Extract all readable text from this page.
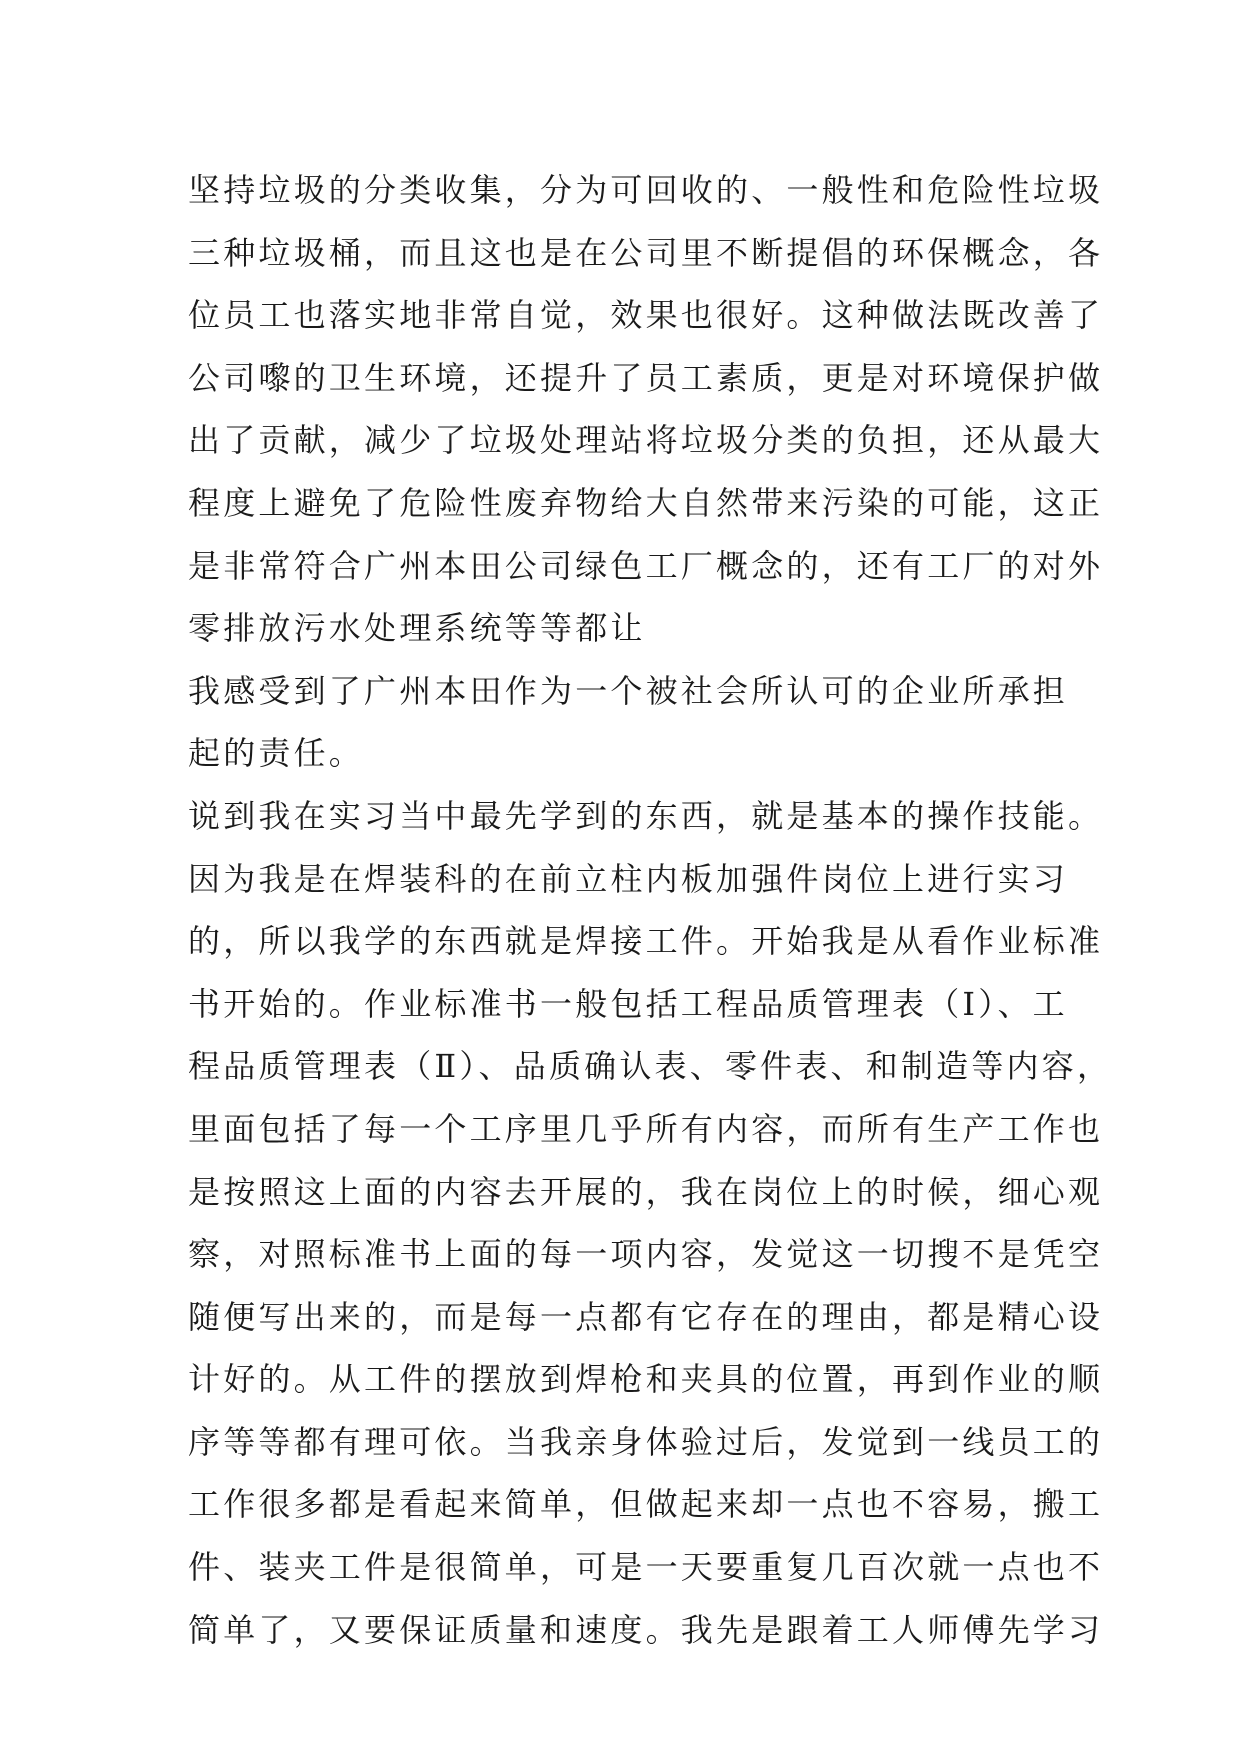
坚持垃圾的分类收集，分为可回收的、一般性和危险性垃圾
三种垃圾桶，而且这也是在公司里不断提倡的环保概念，各
位员工也落实地非常自觉，效果也很好。这种做法既改善了
公司嚟的卫生环境，还提升了员工素质，更是对环境保护做
出了贡献，减少了垃圾处理站将垃圾分类的负担，还从最大
程度上避免了危险性废弃物给大自然带来污染的可能，这正
是非常符合广州本田公司绿色工厂概念的，还有工厂的对外
零排放污水处理系统等等都让
我感受到了广州本田作为一个被社会所认可的企业所承担
起的责任。
说到我在实习当中最先学到的东西，就是基本的操作技能。
因为我是在焊装科的在前立柱内板加强件岗位上进行实习
的，所以我学的东西就是焊接工件。开始我是从看作业标准
书开始的。作业标准书一般包括工程品质管理表（Ⅰ）、工
程品质管理表（Ⅱ）、品质确认表、零件表、和制造等内容，
里面包括了每一个工序里几乎所有内容，而所有生产工作也
是按照这上面的内容去开展的，我在岗位上的时候，细心观
察，对照标准书上面的每一项内容，发觉这一切搜不是凭空
随便写出来的，而是每一点都有它存在的理由，都是精心设
计好的。从工件的摆放到焊枪和夹具的位置，再到作业的顺
序等等都有理可依。当我亲身体验过后，发觉到一线员工的
工作很多都是看起来简单，但做起来却一点也不容易，搬工
件、装夹工件是很简单，可是一天要重复几百次就一点也不
简单了，又要保证质量和速度。我先是跟着工人师傅先学习
